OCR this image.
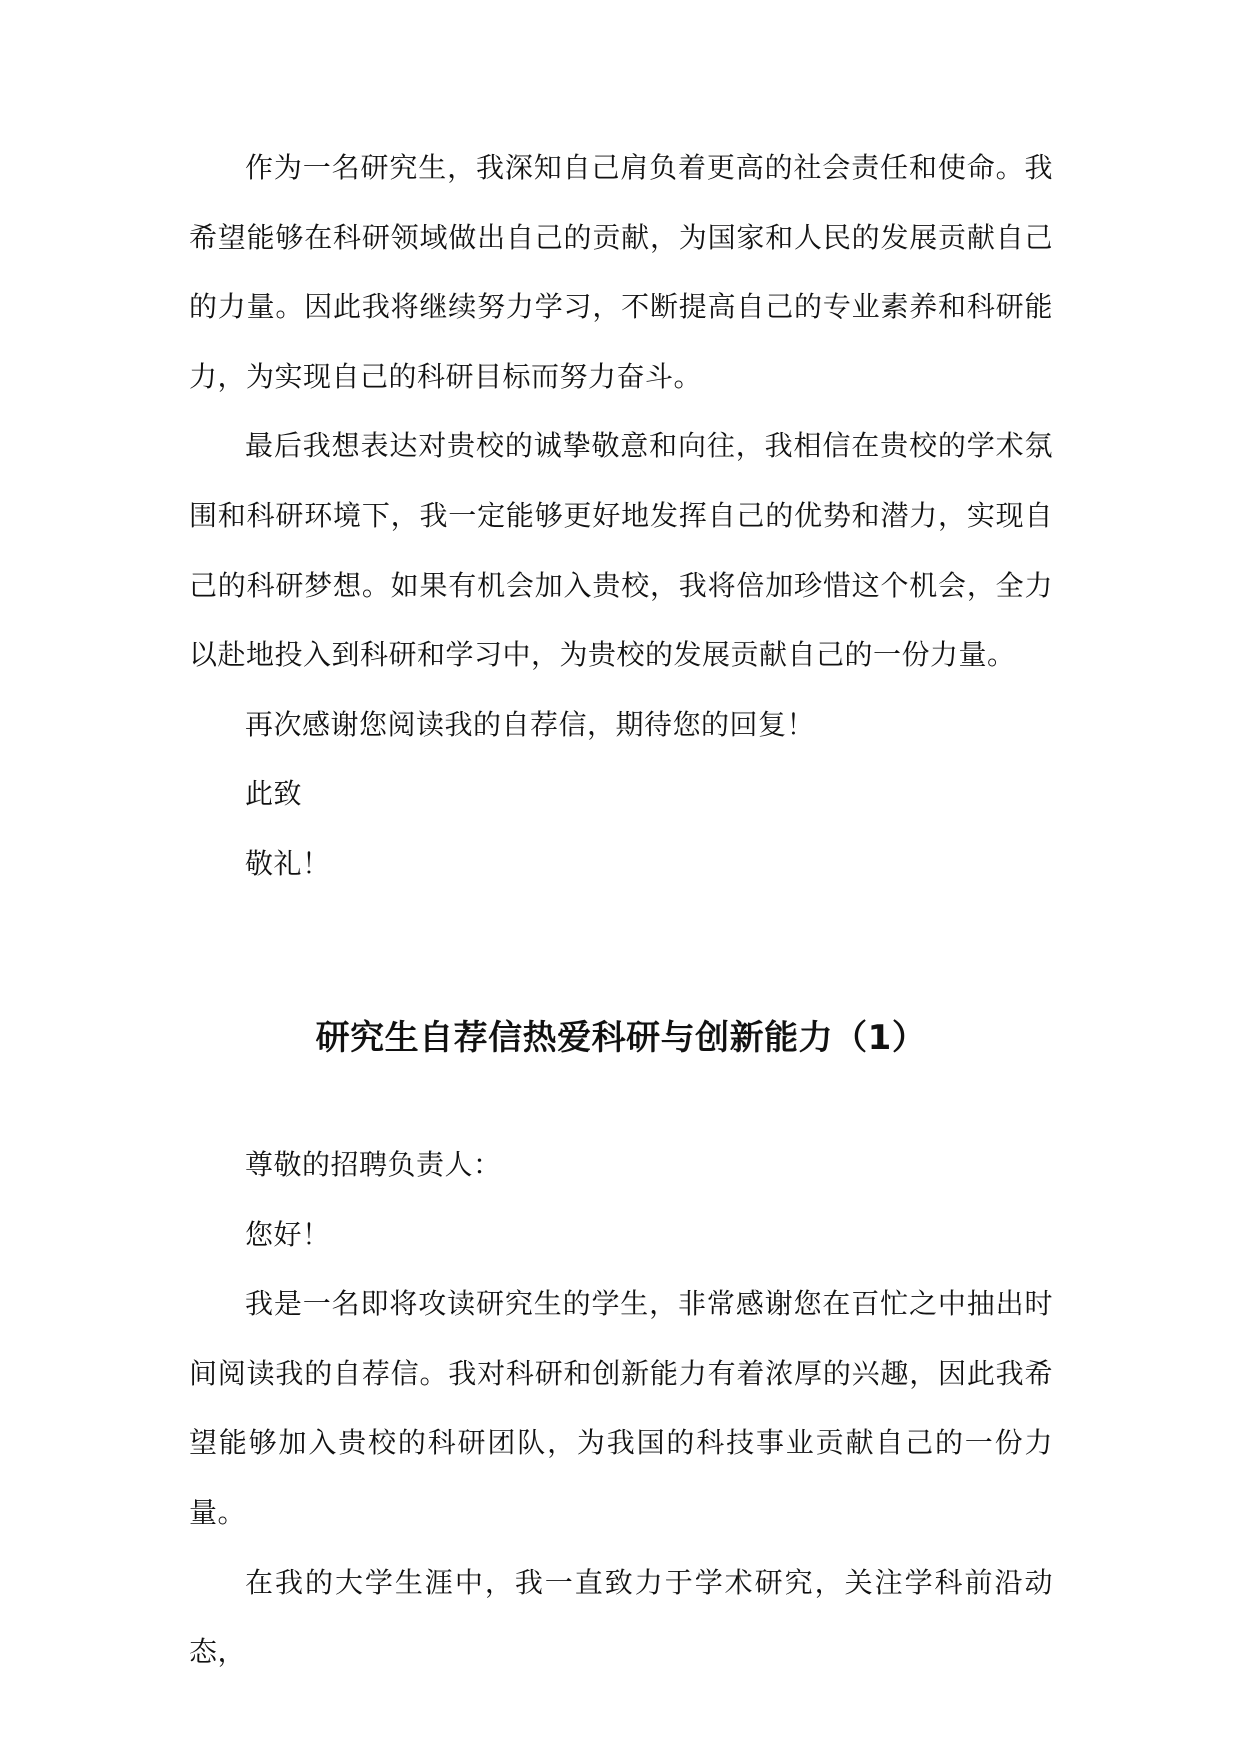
作为一名研究生，我深知自己肩负着更高的社会责任和使命。我希望能够在科研领域做出自己的贡献，为国家和人民的发展贡献自己的力量。因此我将继续努力学习，不断提高自己的专业素养和科研能力，为实现自己的科研目标而努力奋斗。

最后我想表达对贵校的诚挚敬意和向往，我相信在贵校的学术氛围和科研环境下，我一定能够更好地发挥自己的优势和潜力，实现自己的科研梦想。如果有机会加入贵校，我将倍加珍惜这个机会，全力以赴地投入到科研和学习中，为贵校的发展贡献自己的一份力量。

再次感谢您阅读我的自荐信，期待您的回复！

此致

敬礼！

研究生自荐信热爱科研与创新能力（1）

尊敬的招聘负责人：

您好！

我是一名即将攻读研究生的学生，非常感谢您在百忙之中抽出时间阅读我的自荐信。我对科研和创新能力有着浓厚的兴趣，因此我希望能够加入贵校的科研团队，为我国的科技事业贡献自己的一份力量。

在我的大学生涯中，我一直致力于学术研究，关注学科前沿动态，
